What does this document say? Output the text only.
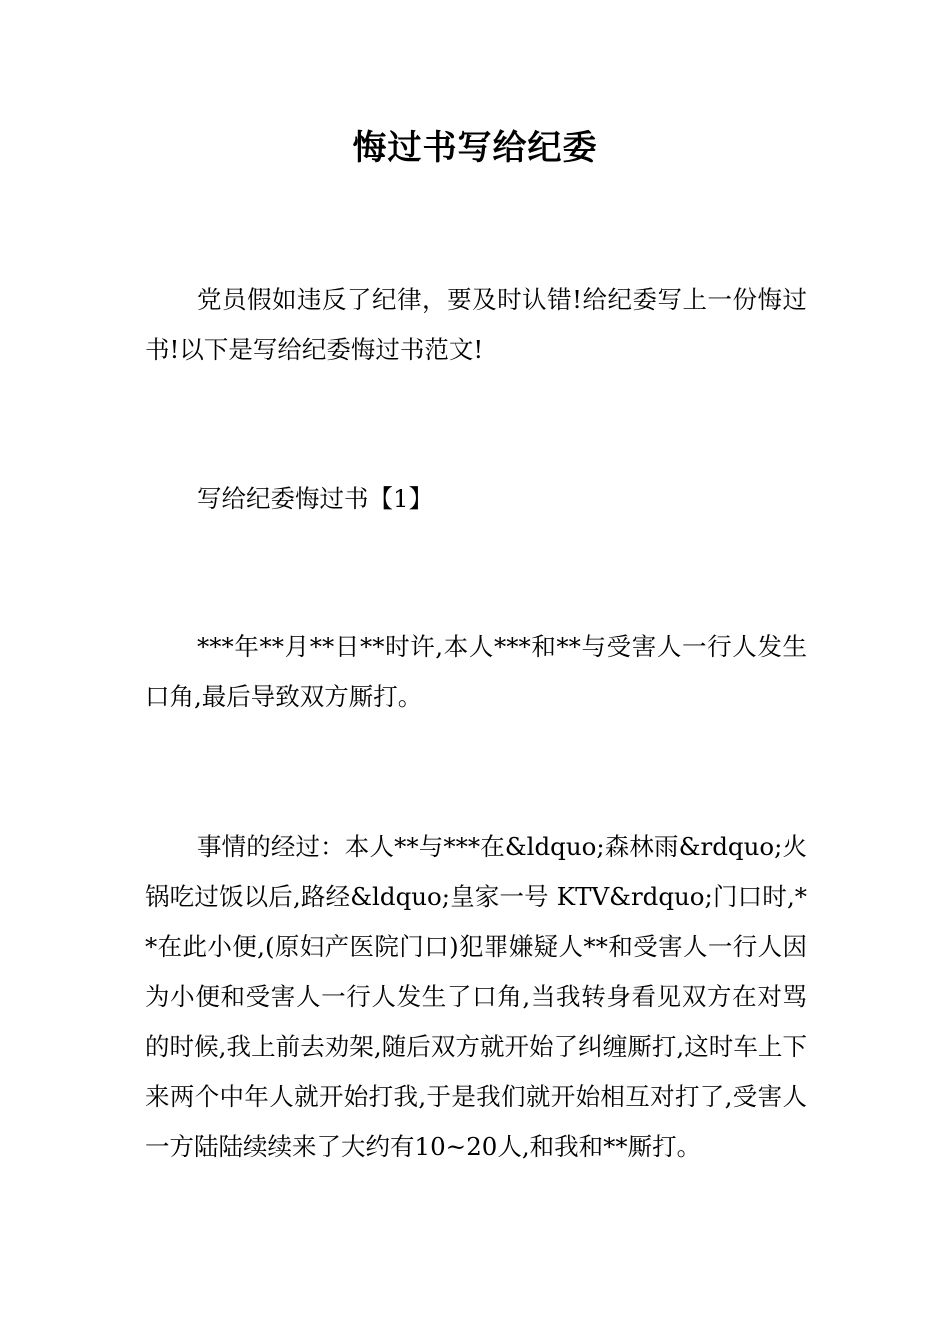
悔过书写给纪委
党员假如违反了纪律，要及时认错!给纪委写上一份悔过书!以下是写给纪委悔过书范文!
写给纪委悔过书【1】
***年**月**日**时许,本人***和**与受害人一行人发生口角,最后导致双方厮打。
事情的经过：本人**与***在&ldquo;森林雨&rdquo;火锅吃过饭以后,路经&ldquo;皇家一号 KTV&rdquo;门口时,**在此小便,(原妇产医院门口)犯罪嫌疑人**和受害人一行人因为小便和受害人一行人发生了口角,当我转身看见双方在对骂的时候,我上前去劝架,随后双方就开始了纠缠厮打,这时车上下来两个中年人就开始打我,于是我们就开始相互对打了,受害人一方陆陆续续来了大约有10~20人,和我和**厮打。
